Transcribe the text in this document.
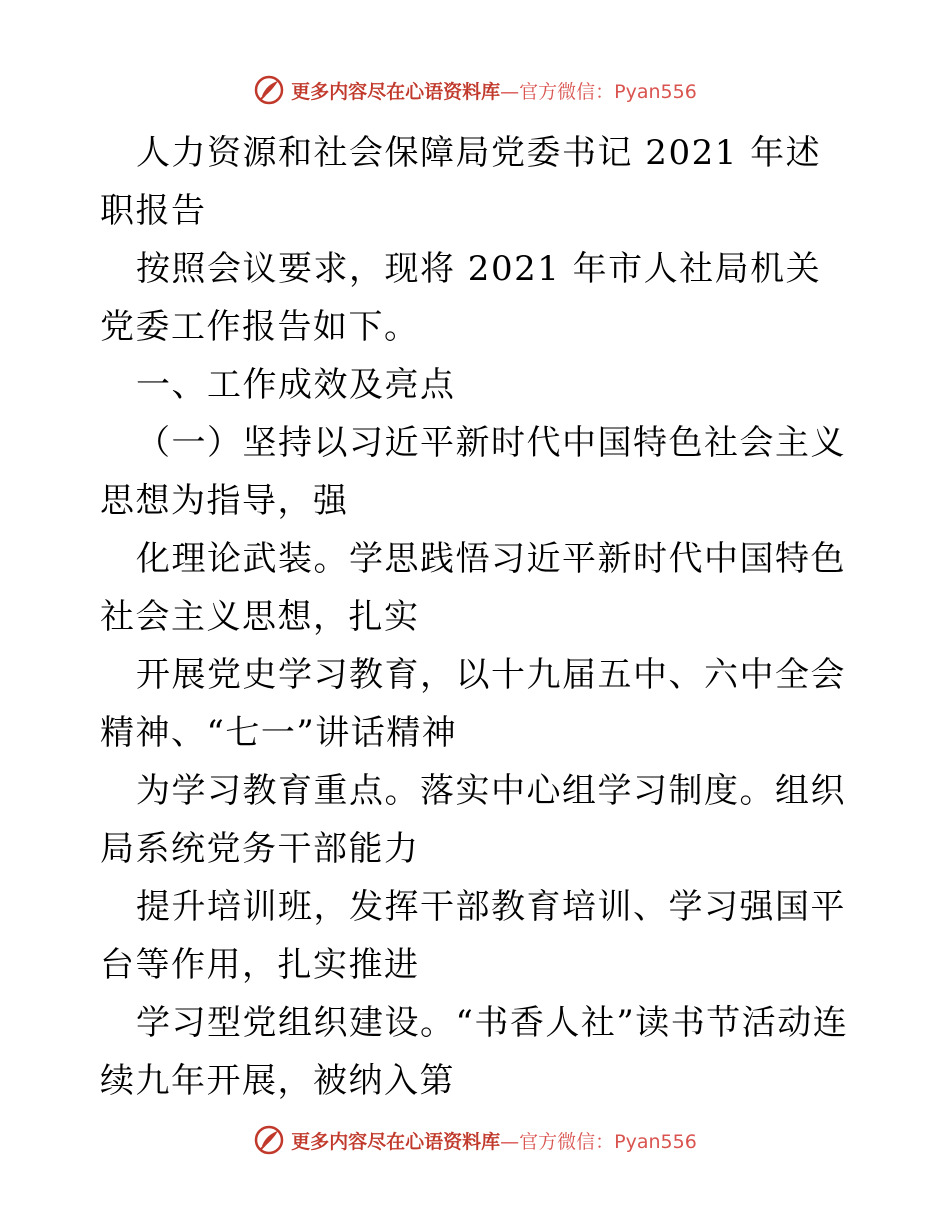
更多内容尽在心语资料库—官方微信：Pyan556

人力资源和社会保障局党委书记 2021 年述职报告

按照会议要求，现将 2021 年市人社局机关党委工作报告如下。

一、工作成效及亮点

（一）坚持以习近平新时代中国特色社会主义思想为指导，强

化理论武装。学思践悟习近平新时代中国特色社会主义思想，扎实

开展党史学习教育，以十九届五中、六中全会精神、“七一”讲话精神

为学习教育重点。落实中心组学习制度。组织局系统党务干部能力

提升培训班，发挥干部教育培训、学习强国平台等作用，扎实推进

学习型党组织建设。“书香人社”读书节活动连续九年开展，被纳入第

更多内容尽在心语资料库—官方微信：Pyan556
